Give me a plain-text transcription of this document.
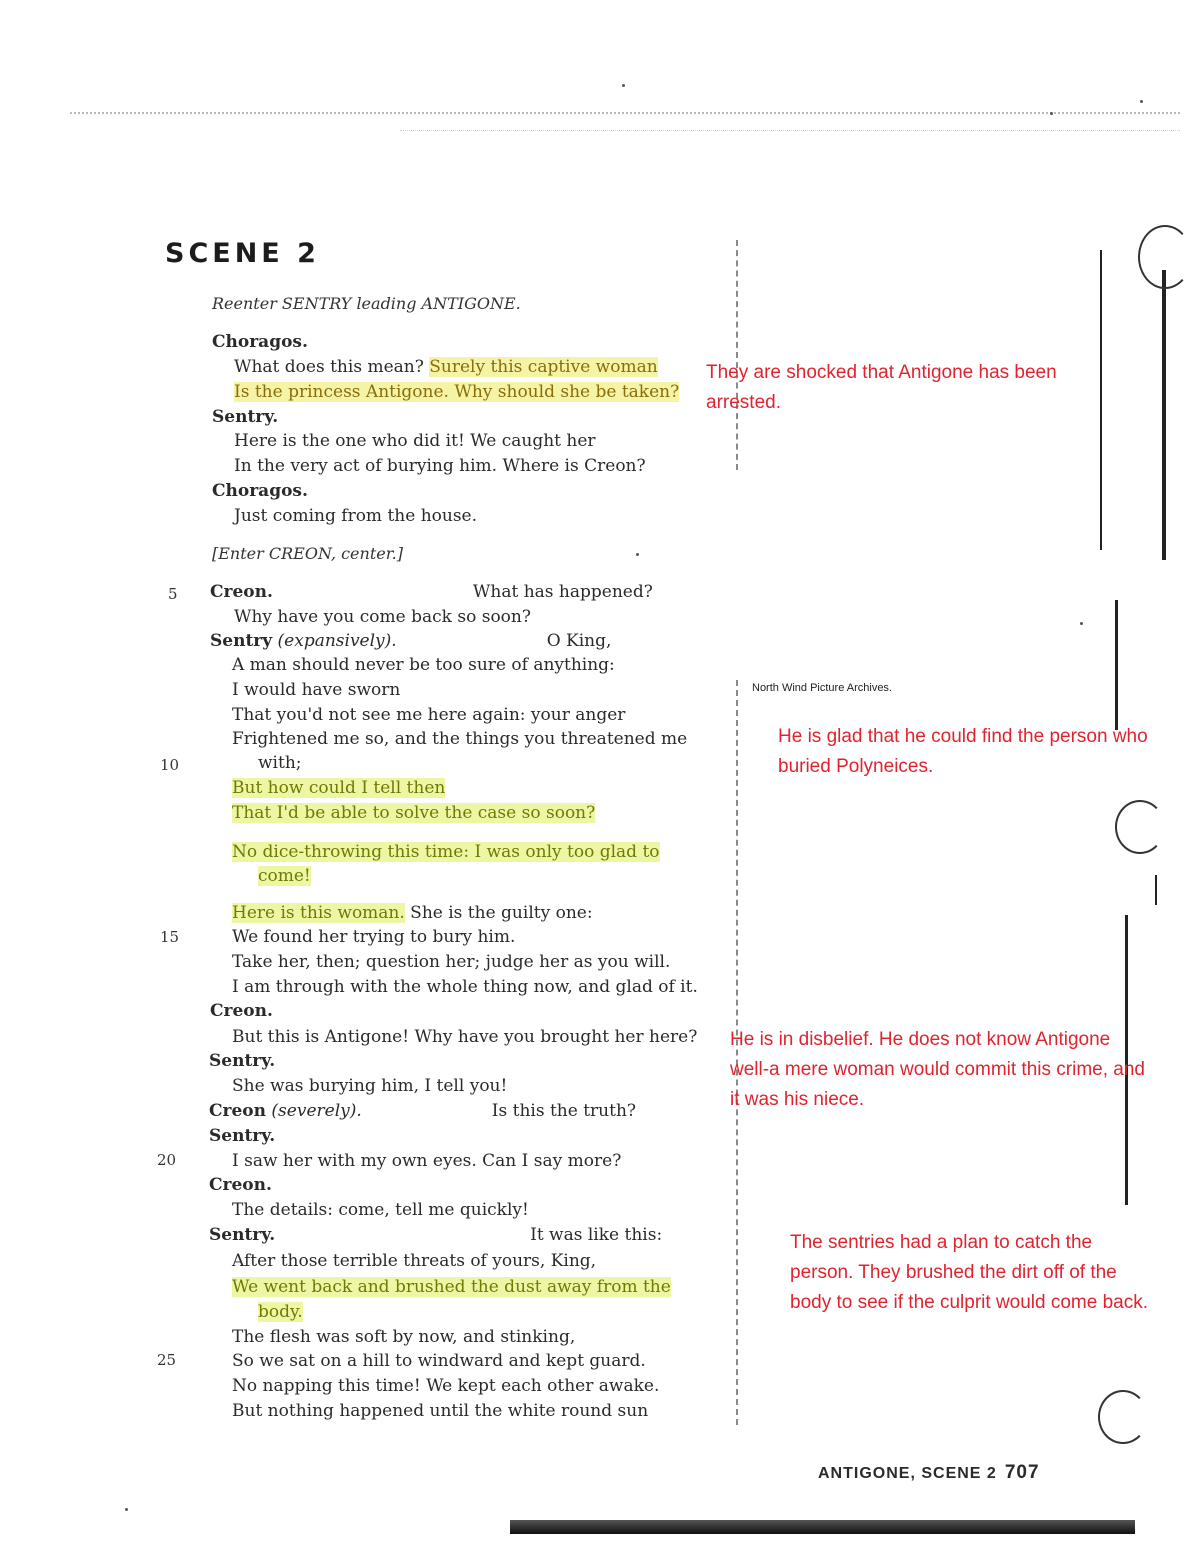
SCENE 2
Reenter SENTRY leading ANTIGONE.
[Enter CREON, center.]
Choragos.
What does this mean? Surely this captive woman
Is the princess Antigone. Why should she be taken?
Sentry.
Here is the one who did it! We caught her
In the very act of burying him. Where is Creon?
Choragos.
Just coming from the house.
Creon.	What has happened?
Why have you come back so soon?
Sentry (expansively).	O King,
A man should never be too sure of anything:
I would have sworn
That you'd not see me here again: your anger
Frightened me so, and the things you threatened me
with;
But how could I tell then
That I'd be able to solve the case so soon?
No dice-throwing this time: I was only too glad to
come!
Here is this woman. She is the guilty one:
We found her trying to bury him.
Take her, then; question her; judge her as you will.
I am through with the whole thing now, and glad of it.
Creon.
But this is Antigone! Why have you brought her here?
Sentry.
She was burying him, I tell you!
Creon (severely).	Is this the truth?
Sentry.
I saw her with my own eyes. Can I say more?
Creon.
The details: come, tell me quickly!
Sentry.	It was like this:
After those terrible threats of yours, King,
We went back and brushed the dust away from the
body.
The flesh was soft by now, and stinking,
So we sat on a hill to windward and kept guard.
No napping this time! We kept each other awake.
But nothing happened until the white round sun
5
10
15
20
25
They are shocked that Antigone has been
arrested.
He is glad that he could find the person who
buried Polyneices.
He is in disbelief. He does not know Antigone
well-a mere woman would commit this crime, and
it was his niece.
The sentries had a plan to catch the
person. They brushed the dirt off of the
body to see if the culprit would come back.
North Wind Picture Archives.
ANTIGONE, SCENE 2 707
